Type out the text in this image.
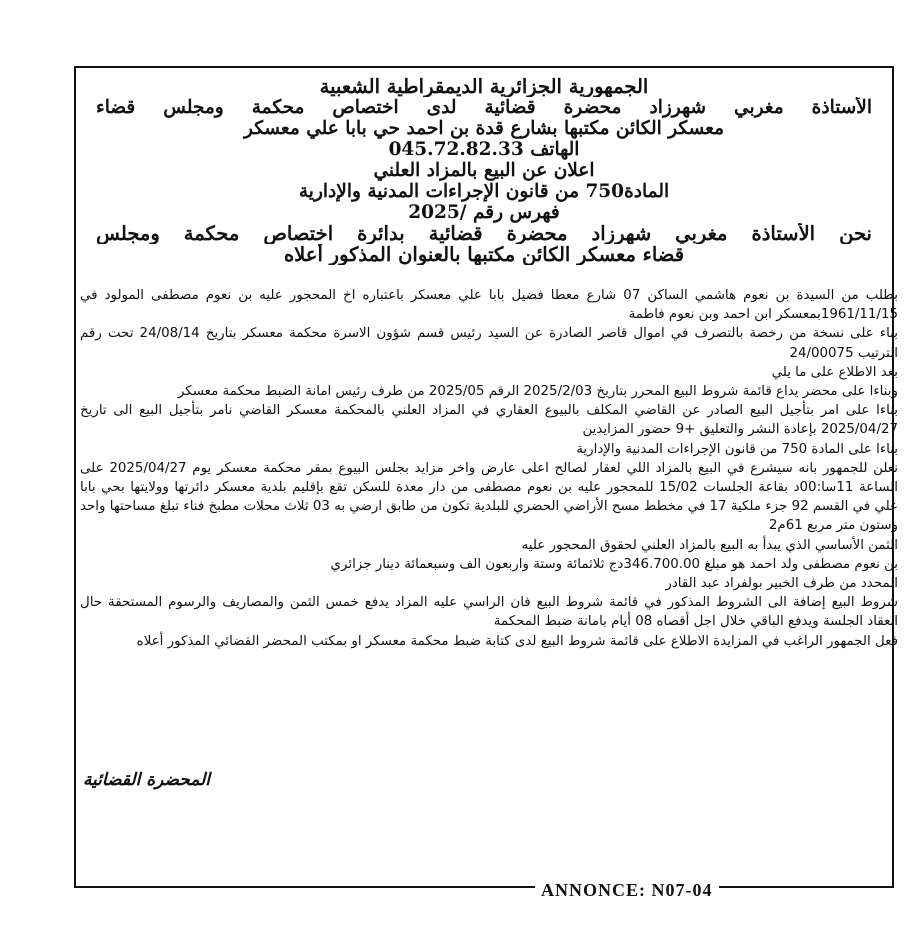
الجمهورية الجزائرية الديمقراطية الشعبية
الأستاذة مغربي شهرزاد محضرة قضائية لدى اختصاص محكمة ومجلس قضاء
معسكر الكائن مكتبها بشارع قدة بن احمد حي بابا علي معسكر
الهاتف 045.72.82.33
اعلان عن البيع بالمزاد العلني
المادة750 من قانون الإجراءات المدنية والإدارية
فهرس رقم /2025
نحن الأستاذة مغربي شهرزاد محضرة قضائية بدائرة اختصاص محكمة ومجلس
قضاء معسكر الكائن مكتبها بالعنوان المذكور أعلاه

بطلب من السيدة بن نعوم هاشمي الساكن 07 شارع معطا فضيل بابا علي معسكر باعتباره اخ المحجور عليه بن نعوم مصطفى المولود في 1961/11/15بمعسكر ابن احمد وبن نعوم فاطمة

بناء على نسخة من رخصة بالتصرف في اموال قاصر الصادرة عن السيد رئيس قسم شؤون الاسرة محكمة معسكر بتاريخ 24/08/14 تحت رقم الترتيب 24/00075

بعد الاطلاع على ما يلي

وبناءا على محضر يداع قائمة شروط البيع المحرر بتاريخ 2025/2/03 الرقم 2025/05 من طرف رئيس امانة الضبط محكمة معسكر

بناءا على امر بتأجيل البيع الصادر عن القاضي المكلف بالبيوع العقاري في المزاد العلني بالمحكمة معسكر القاضي نامر بتأجيل البيع الى تاريخ 2025/04/27 بإعادة النشر والتعليق +9 حضور المزايدين

بناءا على المادة 750 من قانون الإجراءات المدنية والإدارية

نعلن للجمهور بانه سيشرع في البيع بالمزاد اللي لعقار لصالح اعلى عارض واخر مزايد بجلس البيوع بمقر محكمة معسكر يوم 2025/04/27 على الساعة 11سا:00د بقاعة الجلسات 15/02 للمحجور عليه بن نعوم مصطفى من دار معدة للسكن تقع بإقليم بلدية معسكر دائرتها وولايتها بحي بابا علي في القسم 92 جزء ملكية 17 في مخطط مسح الأراضي الحضري للبلدية تكون من طابق ارضي به 03 ثلاث محلات مطبخ فناء تبلغ مساحتها واحد وستون متر مربع 61م2

الثمن الأساسي الذي يبدأ به البيع بالمزاد العلني لحقوق المحجور عليه

بن نعوم مصطفى ولد احمد هو مبلغ 346.700.00دج ثلاثمائة وستة واربعون الف وسبعمائة دينار جزائري

المحدد من طرف الخبير بولفراد عبد القادر

شروط البيع إضافة الى الشروط المذكور في قائمة شروط البيع فان الراسي عليه المزاد يدفع خمس الثمن والمصاريف والرسوم المستحقة حال انعقاد الجلسة ويدفع الباقي خلال اجل أقصاه 08 أيام بامانة ضبط المحكمة

فعل الجمهور الراغب في المزايدة الاطلاع على قائمة شروط البيع لدى كتابة ضبط محكمة معسكر او بمكتب المحضر القضائي المذكور أعلاه

المحضرة القضائية
ANNONCE: N07-04
